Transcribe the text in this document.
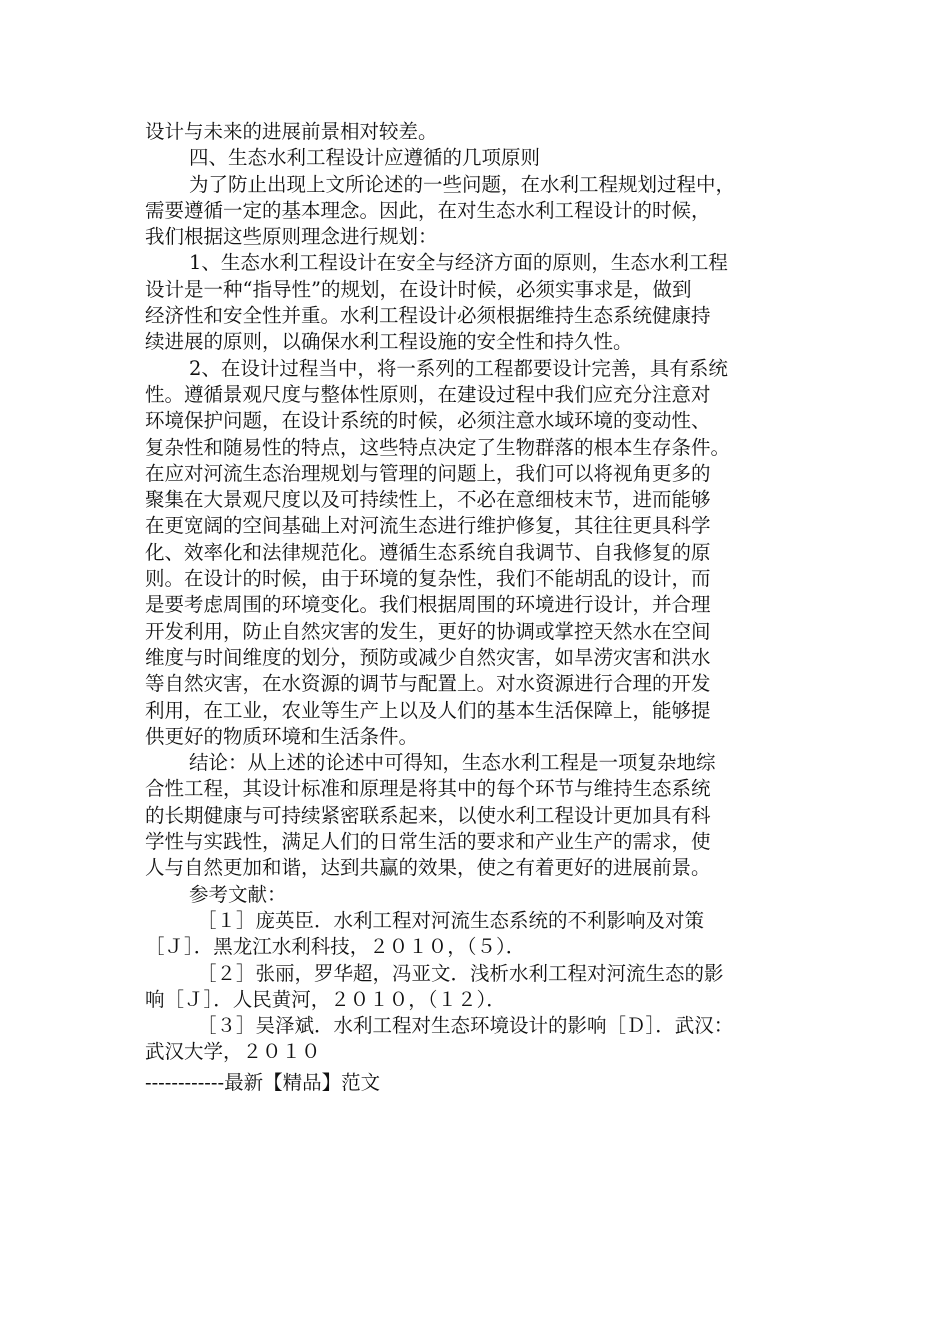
设计与未来的进展前景相对较差。
四、生态水利工程设计应遵循的几项原则
为了防止出现上文所论述的一些问题，在水利工程规划过程中，
需要遵循一定的基本理念。因此，在对生态水利工程设计的时候，
我们根据这些原则理念进行规划：
1、生态水利工程设计在安全与经济方面的原则，生态水利工程
设计是一种“指导性”的规划，在设计时候，必须实事求是，做到
经济性和安全性并重。水利工程设计必须根据维持生态系统健康持
续进展的原则，以确保水利工程设施的安全性和持久性。
2、在设计过程当中，将一系列的工程都要设计完善，具有系统
性。遵循景观尺度与整体性原则，在建设过程中我们应充分注意对
环境保护问题，在设计系统的时候，必须注意水域环境的变动性、
复杂性和随易性的特点，这些特点决定了生物群落的根本生存条件。
在应对河流生态治理规划与管理的问题上，我们可以将视角更多的
聚集在大景观尺度以及可持续性上，不必在意细枝末节，进而能够
在更宽阔的空间基础上对河流生态进行维护修复，其往往更具科学
化、效率化和法律规范化。遵循生态系统自我调节、自我修复的原
则。在设计的时候，由于环境的复杂性，我们不能胡乱的设计，而
是要考虑周围的环境变化。我们根据周围的环境进行设计，并合理
开发利用，防止自然灾害的发生，更好的协调或掌控天然水在空间
维度与时间维度的划分，预防或减少自然灾害，如旱涝灾害和洪水
等自然灾害，在水资源的调节与配置上。对水资源进行合理的开发
利用，在工业，农业等生产上以及人们的基本生活保障上，能够提
供更好的物质环境和生活条件。
结论：从上述的论述中可得知，生态水利工程是一项复杂地综
合性工程，其设计标准和原理是将其中的每个环节与维持生态系统
的长期健康与可持续紧密联系起来，以使水利工程设计更加具有科
学性与实践性，满足人们的日常生活的要求和产业生产的需求，使
人与自然更加和谐，达到共赢的效果，使之有着更好的进展前景。
参考文献：
［１］庞英臣．水利工程对河流生态系统的不利影响及对策
［Ｊ］．黑龙江水利科技，２０１０，（５）．
［２］张丽，罗华超，冯亚文．浅析水利工程对河流生态的影
响［Ｊ］．人民黄河，２０１０，（１２）．
［３］吴泽斌．水利工程对生态环境设计的影响［Ｄ］．武汉：
武汉大学，２０１０
------------最新【精品】范文
